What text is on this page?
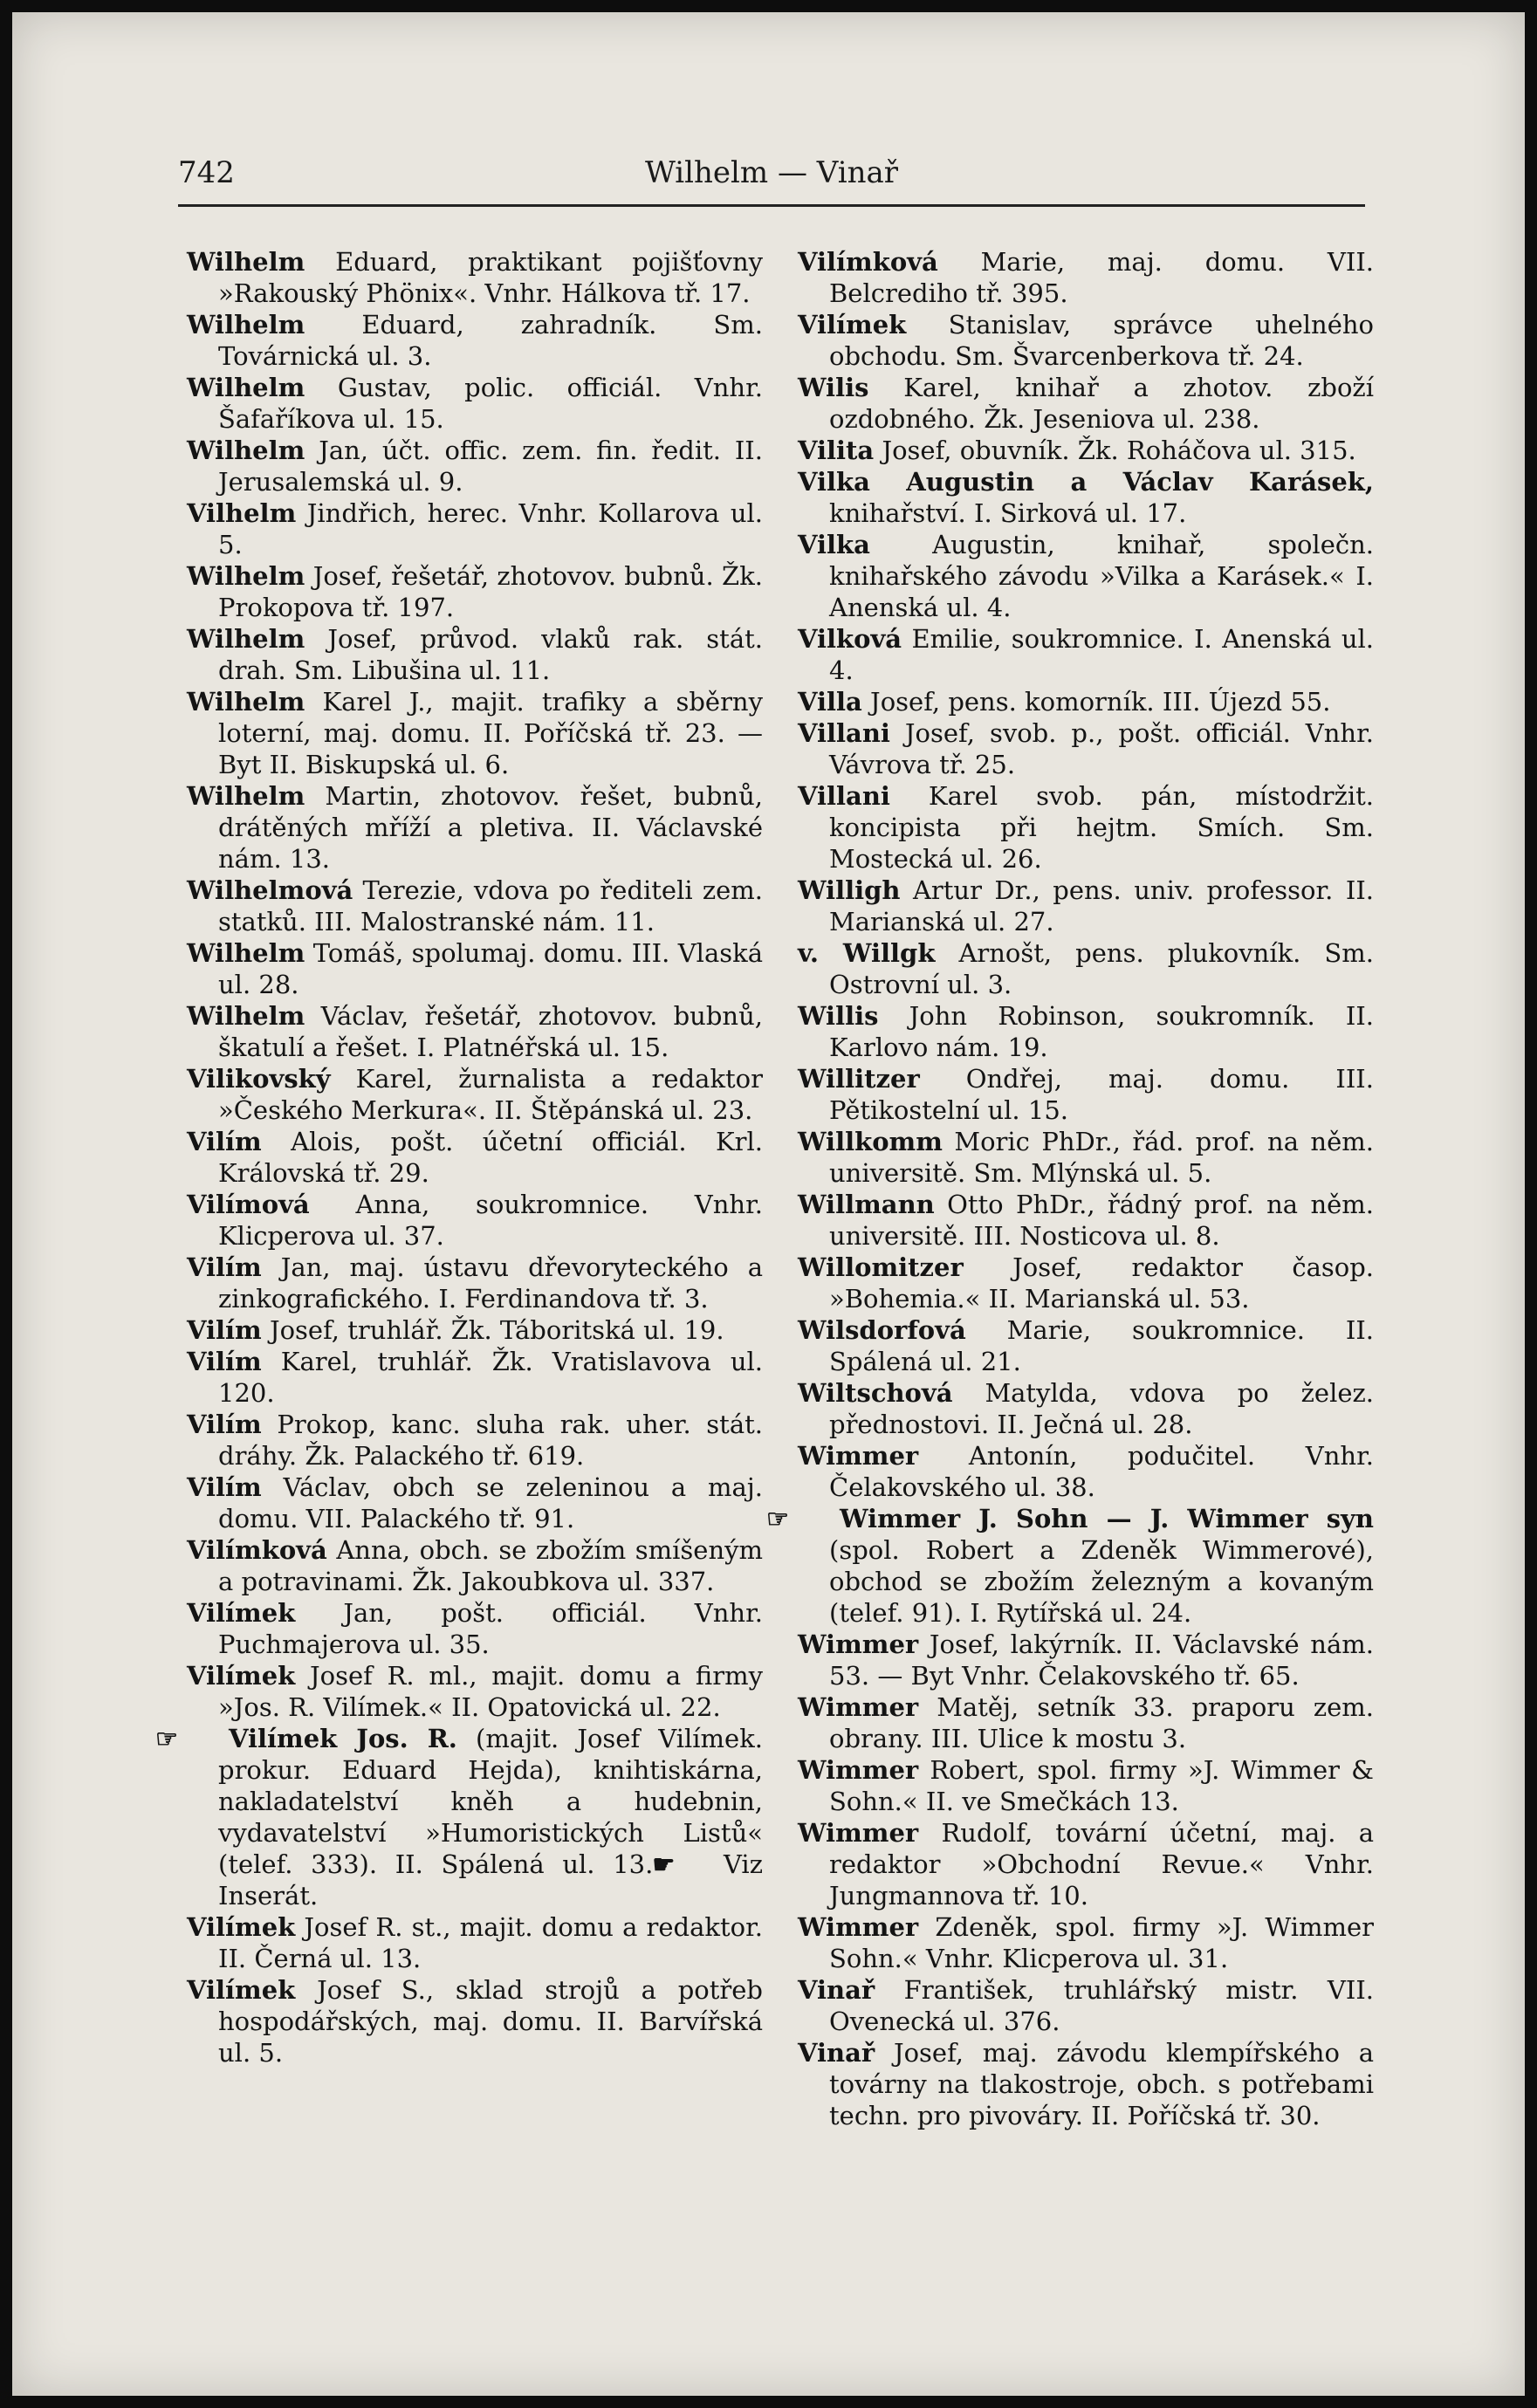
742	Wilhelm — Vinař

Wilhelm Eduard, praktikant pojišťovny »Rakouský Phönix«. Vnhr. Hálkova tř. 17.

Wilhelm Eduard, zahradník. Sm. Továrnická ul. 3.

Wilhelm Gustav, polic. officiál. Vnhr. Šafaříkova ul. 15.

Wilhelm Jan, účt. offic. zem. fin. ředit. II. Jerusalemská ul. 9.

Vilhelm Jindřich, herec. Vnhr. Kollarova ul. 5.

Wilhelm Josef, řešetář, zhotovov. bubnů. Žk. Prokopova tř. 197.

Wilhelm Josef, průvod. vlaků rak. stát. drah. Sm. Libušina ul. 11.

Wilhelm Karel J., majit. trafiky a sběrny loterní, maj. domu. II. Poříčská tř. 23. — Byt II. Biskupská ul. 6.

Wilhelm Martin, zhotovov. řešet, bubnů, drátěných mříží a pletiva. II. Václavské nám. 13.

Wilhelmová Terezie, vdova po řediteli zem. statků. III. Malostranské nám. 11.

Wilhelm Tomáš, spolumaj. domu. III. Vlaská ul. 28.

Wilhelm Václav, řešetář, zhotovov. bubnů, škatulí a řešet. I. Platnéřská ul. 15.

Vilikovský Karel, žurnalista a redaktor »Českého Merkura«. II. Štěpánská ul. 23.

Vilím Alois, pošt. účetní officiál. Krl. Královská tř. 29.

Vilímová Anna, soukromnice. Vnhr. Klicperova ul. 37.

Vilím Jan, maj. ústavu dřevoryteckého a zinkografického. I. Ferdinandova tř. 3.

Vilím Josef, truhlář. Žk. Táboritská ul. 19.

Vilím Karel, truhlář. Žk. Vratislavova ul. 120.

Vilím Prokop, kanc. sluha rak. uher. stát. dráhy. Žk. Palackého tř. 619.

Vilím Václav, obch se zeleninou a maj. domu. VII. Palackého tř. 91.

Vilímková Anna, obch. se zbožím smíšeným a potravinami. Žk. Jakoubkova ul. 337.

Vilímek Jan, pošt. officiál. Vnhr. Puchmajerova ul. 35.

Vilímek Josef R. ml., majit. domu a firmy »Jos. R. Vilímek.« II. Opatovická ul. 22.

☞ Vilímek Jos. R. (majit. Josef Vilímek. prokur. Eduard Hejda), knihtiskárna, nakladatelství kněh a hudebnin, vydavatelství »Humoristických Listů« (telef. 333). II. Spálená ul. 13.☛ Viz Inserát.

Vilímek Josef R. st., majit. domu a redaktor. II. Černá ul. 13.

Vilímek Josef S., sklad strojů a potřeb hospodářských, maj. domu. II. Barvířská ul. 5.

Vilímková Marie, maj. domu. VII. Belcrediho tř. 395.

Vilímek Stanislav, správce uhelného obchodu. Sm. Švarcenberkova tř. 24.

Wilis Karel, knihař a zhotov. zboží ozdobného. Žk. Jeseniova ul. 238.

Vilita Josef, obuvník. Žk. Roháčova ul. 315.

Vilka Augustin a Václav Karásek, knihařství. I. Sirková ul. 17.

Vilka Augustin, knihař, společn. knihařského závodu »Vilka a Karásek.« I. Anenská ul. 4.

Vilková Emilie, soukromnice. I. Anenská ul. 4.

Villa Josef, pens. komorník. III. Újezd 55.

Villani Josef, svob. p., pošt. officiál. Vnhr. Vávrova tř. 25.

Villani Karel svob. pán, místodržit. koncipista při hejtm. Smích. Sm. Mostecká ul. 26.

Willigh Artur Dr., pens. univ. professor. II. Marianská ul. 27.

v. Willgk Arnošt, pens. plukovník. Sm. Ostrovní ul. 3.

Willis John Robinson, soukromník. II. Karlovo nám. 19.

Willitzer Ondřej, maj. domu. III. Pětikostelní ul. 15.

Willkomm Moric PhDr., řád. prof. na něm. universitě. Sm. Mlýnská ul. 5.

Willmann Otto PhDr., řádný prof. na něm. universitě. III. Nosticova ul. 8.

Willomitzer Josef, redaktor časop. »Bohemia.« II. Marianská ul. 53.

Wilsdorfová Marie, soukromnice. II. Spálená ul. 21.

Wiltschová Matylda, vdova po želez. přednostovi. II. Ječná ul. 28.

Wimmer Antonín, podučitel. Vnhr. Čelakovského ul. 38.

☞ Wimmer J. Sohn — J. Wimmer syn (spol. Robert a Zdeněk Wimmerové), obchod se zbožím železným a kovaným (telef. 91). I. Rytířská ul. 24.

Wimmer Josef, lakýrník. II. Václavské nám. 53. — Byt Vnhr. Čelakovského tř. 65.

Wimmer Matěj, setník 33. praporu zem. obrany. III. Ulice k mostu 3.

Wimmer Robert, spol. firmy »J. Wimmer & Sohn.« II. ve Smečkách 13.

Wimmer Rudolf, tovární účetní, maj. a redaktor »Obchodní Revue.« Vnhr. Jungmannova tř. 10.

Wimmer Zdeněk, spol. firmy »J. Wimmer Sohn.« Vnhr. Klicperova ul. 31.

Vinař František, truhlářský mistr. VII. Ovenecká ul. 376.

Vinař Josef, maj. závodu klempířského a továrny na tlakostroje, obch. s potřebami techn. pro pivováry. II. Poříčská tř. 30.
